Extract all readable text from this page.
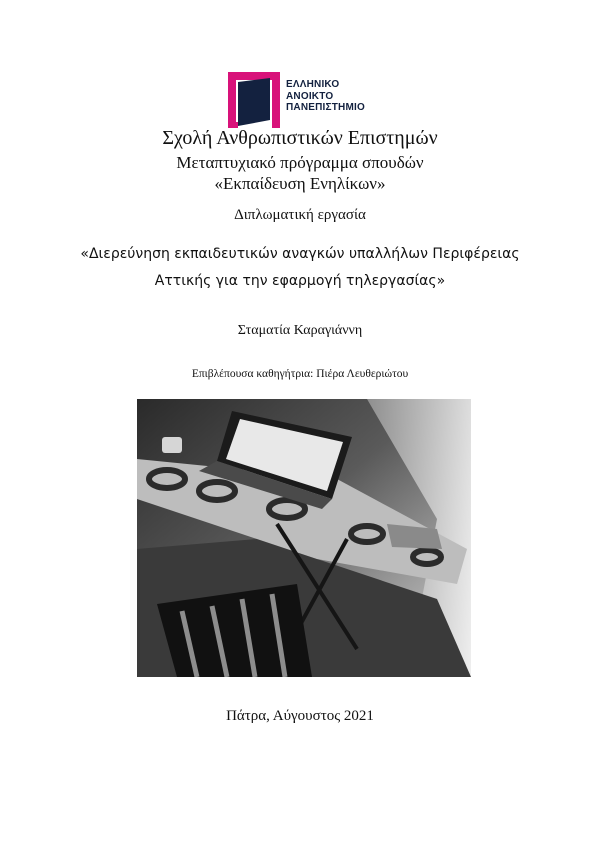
ΕΛΛΗΝΙΚΟ
ΑΝΟΙΚΤΟ
ΠΑΝΕΠΙΣΤΗΜΙΟ
Σχολή Ανθρωπιστικών Επιστημών
Μεταπτυχιακό πρόγραμμα σπουδών
«Εκπαίδευση Ενηλίκων»
Διπλωματική εργασία
«Διερεύνηση εκπαιδευτικών αναγκών υπαλλήλων Περιφέρειας
Αττικής για την εφαρμογή τηλεργασίας»
Σταματία Καραγιάννη
Επιβλέπουσα καθηγήτρια: Πιέρα Λευθεριώτου
Πάτρα, Αύγουστος 2021
